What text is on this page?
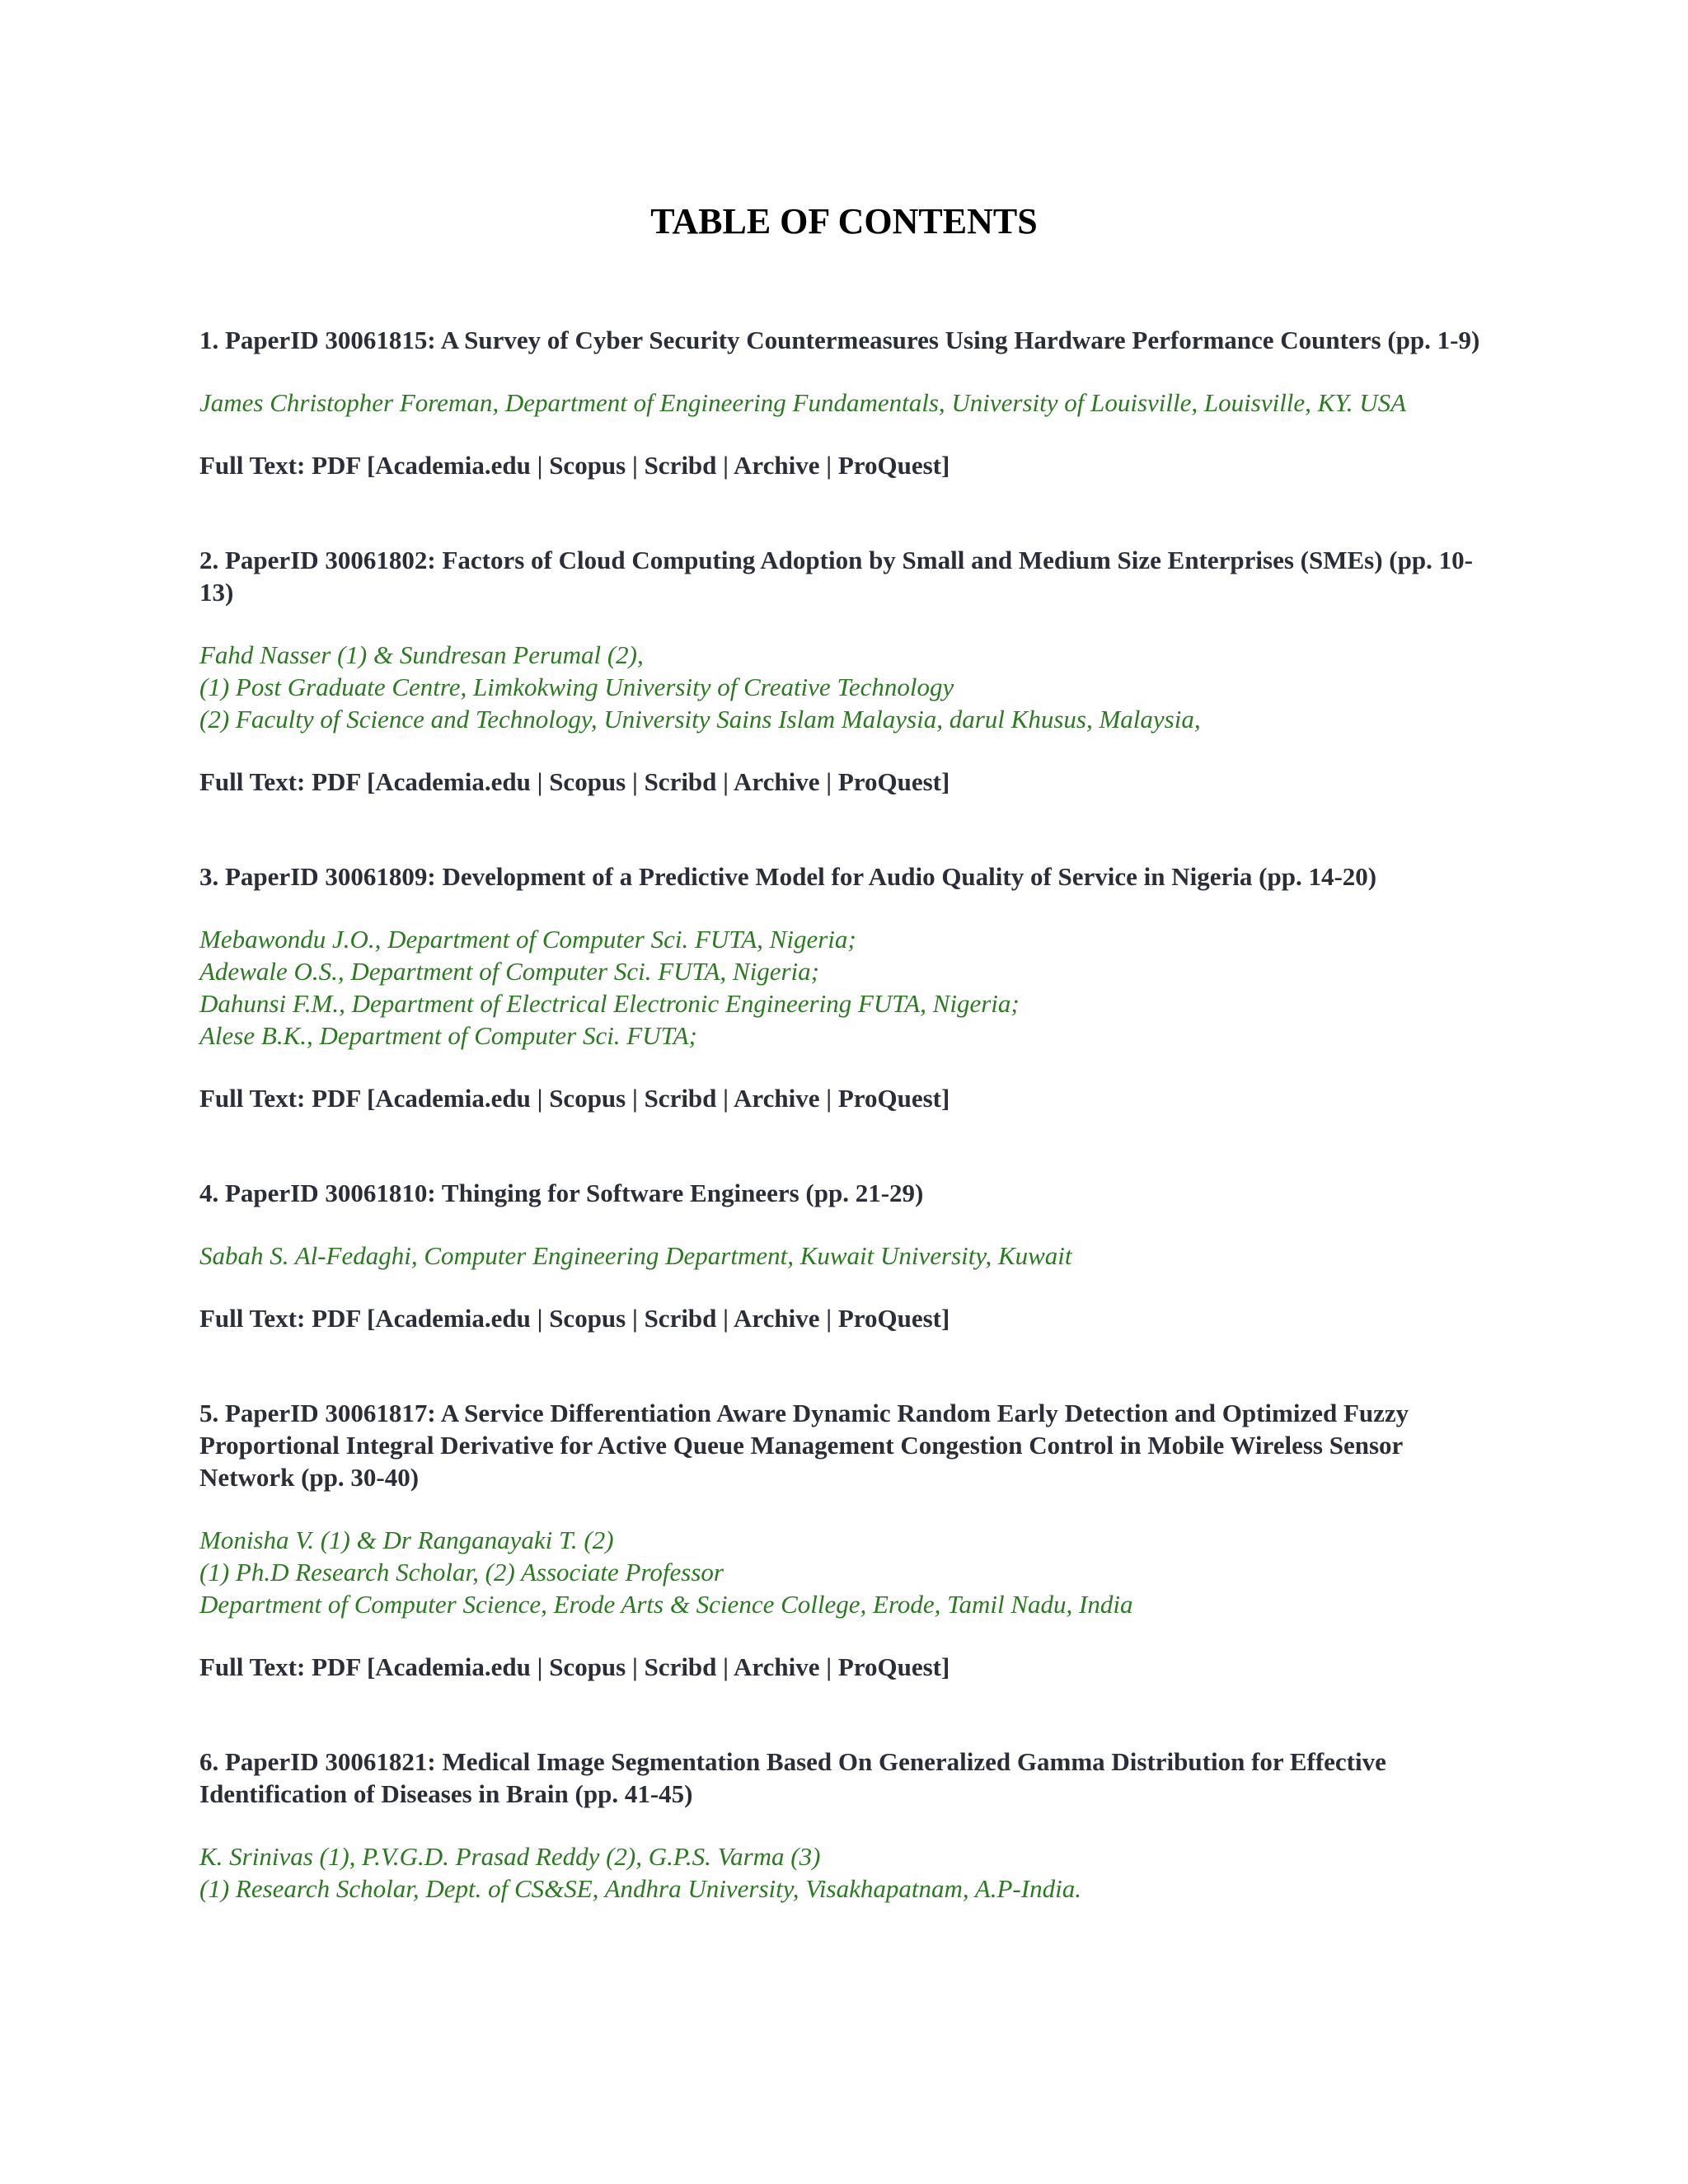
TABLE OF CONTENTS

1. PaperID 30061815: A Survey of Cyber Security Countermeasures Using Hardware Performance Counters (pp. 1-9)

James Christopher Foreman, Department of Engineering Fundamentals, University of Louisville, Louisville, KY. USA
Full Text: PDF [Academia.edu | Scopus | Scribd | Archive | ProQuest]

2. PaperID 30061802: Factors of Cloud Computing Adoption by Small and Medium Size Enterprises (SMEs) (pp. 10-13)

Fahd Nasser (1) & Sundresan Perumal (2),
(1) Post Graduate Centre, Limkokwing University of Creative Technology
(2) Faculty of Science and Technology, University Sains Islam Malaysia, darul Khusus, Malaysia,
Full Text: PDF [Academia.edu | Scopus | Scribd | Archive | ProQuest]

3. PaperID 30061809: Development of a Predictive Model for Audio Quality of Service in Nigeria (pp. 14-20)

Mebawondu J.O., Department of Computer Sci. FUTA, Nigeria;
Adewale O.S., Department of Computer Sci. FUTA, Nigeria;
Dahunsi F.M., Department of Electrical Electronic Engineering FUTA, Nigeria;
Alese B.K., Department of Computer Sci. FUTA;
Full Text: PDF [Academia.edu | Scopus | Scribd | Archive | ProQuest]

4. PaperID 30061810: Thinging for Software Engineers (pp. 21-29)

Sabah S. Al-Fedaghi, Computer Engineering Department, Kuwait University, Kuwait
Full Text: PDF [Academia.edu | Scopus | Scribd | Archive | ProQuest]

5. PaperID 30061817: A Service Differentiation Aware Dynamic Random Early Detection and Optimized Fuzzy Proportional Integral Derivative for Active Queue Management Congestion Control in Mobile Wireless Sensor Network (pp. 30-40)

Monisha V. (1) & Dr Ranganayaki T. (2)
(1) Ph.D Research Scholar, (2) Associate Professor
Department of Computer Science, Erode Arts & Science College, Erode, Tamil Nadu, India
Full Text: PDF [Academia.edu | Scopus | Scribd | Archive | ProQuest]

6. PaperID 30061821: Medical Image Segmentation Based On Generalized Gamma Distribution for Effective Identification of Diseases in Brain (pp. 41-45)

K. Srinivas (1), P.V.G.D. Prasad Reddy (2), G.P.S. Varma (3)
(1) Research Scholar, Dept. of CS&SE, Andhra University, Visakhapatnam, A.P-India.
